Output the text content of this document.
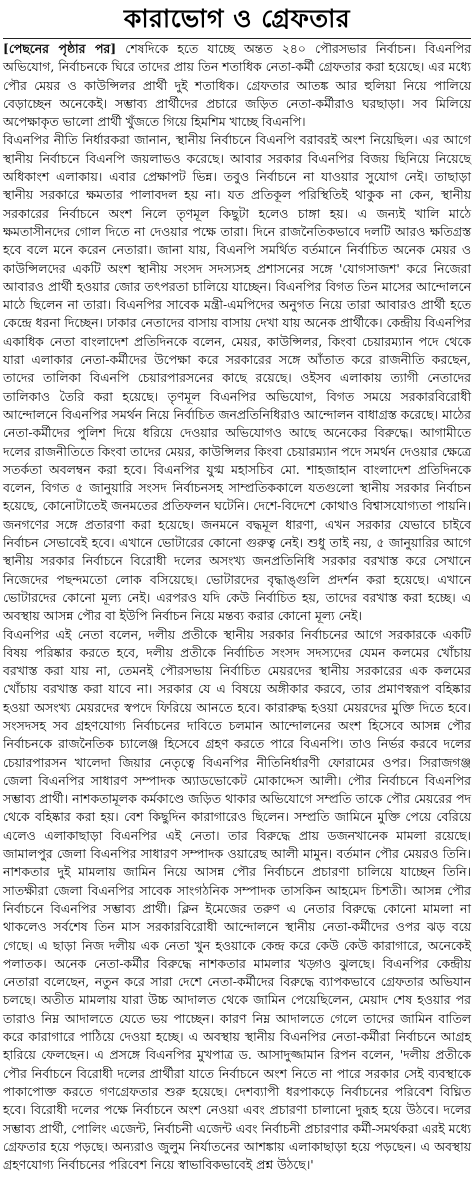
কারাভোগ ও গ্রেফতার

[পেছনের পৃষ্ঠার পর] শেষদিকে হতে যাচ্ছে অন্তত ২৪০ পৌরসভার নির্বাচন। বিএনপির অভিযোগ, নির্বাচনকে ঘিরে তাদের প্রায় তিন শতাধিক নেতা-কর্মী গ্রেফতার করা হয়েছে। এর মধ্যে পৌর মেয়র ও কাউন্সিলর প্রার্থী দুই শতাধিক। গ্রেফতার আতঙ্ক আর হুলিয়া নিয়ে পালিয়ে বেড়াচ্ছেন অনেকেই। সম্ভাব্য প্রার্থীদের প্রচারে জড়িত নেতা-কর্মীরাও ঘরছাড়া। সব মিলিয়ে অপেক্ষাকৃত ভালো প্রার্থী খুঁজতে গিয়ে হিমশিম খাচ্ছে বিএনপি।

বিএনপির নীতি নির্ধারকরা জানান, স্থানীয় নির্বাচনে বিএনপি বরাবরই অংশ নিয়েছিল। এর আগে স্থানীয় নির্বাচনে বিএনপি জয়লাভও করেছে। আবার সরকার বিএনপির বিজয় ছিনিয়ে নিয়েছে অধিকাংশ এলাকায়। এবার প্রেক্ষাপট ভিন্ন। তবুও নির্বাচনে না যাওয়ার সুযোগ নেই। তাছাড়া স্থানীয় সরকারে ক্ষমতার পালাবদল হয় না। যত প্রতিকূল পরিস্থিতিই থাকুক না কেন, স্থানীয় সরকারের নির্বাচনে অংশ নিলে তৃণমূল কিছুটা হলেও চাঙ্গা হয়। এ জন্যই খালি মাঠে ক্ষমতাসীনদের গোল দিতে না দেওয়ার পক্ষে তারা। দিনে রাজনৈতিকভাবে দলটি আরও ক্ষতিগ্রস্ত হবে বলে মনে করেন নেতারা। জানা যায়, বিএনপি সমর্থিত বর্তমানে নির্বাচিত অনেক মেয়র ও কাউন্সিলদের একটি অংশ স্থানীয় সংসদ সদস্যসহ প্রশাসনের সঙ্গে 'যোগসাজশ' করে নিজেরা আবারও প্রার্থী হওয়ার জোর তৎপরতা চালিয়ে যাচ্ছেন। বিএনপির বিগত তিন মাসের আন্দোলনে মাঠে ছিলেন না তারা। বিএনপির সাবেক মন্ত্রী-এমপিদের অনুগত নিয়ে তারা আবারও প্রার্থী হতে কেন্দ্রে ধরনা দিচ্ছেন। ঢাকার নেতাদের বাসায় বাসায় দেখা যায় অনেক প্রার্থীকে। কেন্দ্রীয় বিএনপির একাধিক নেতা বাংলাদেশ প্রতিদিনকে বলেন, মেয়র, কাউন্সিলর, কিংবা চেয়ারম্যান পদে থেকে যারা এলাকার নেতা-কর্মীদের উপেক্ষা করে সরকারের সঙ্গে আঁতাত করে রাজনীতি করছেন, তাদের তালিকা বিএনপি চেয়ারপারসনের কাছে রয়েছে। ওইসব এলাকায় ত্যাগী নেতাদের তালিকাও তৈরি করা হয়েছে। তৃণমূল বিএনপির অভিযোগ, বিগত সময়ে সরকারবিরোধী আন্দোলনে বিএনপির সমর্থন নিয়ে নির্বাচিত জনপ্রতিনিধিরাও আন্দোলন বাধাগ্রস্ত করেছে। মাঠের নেতা-কর্মীদের পুলিশ দিয়ে ধরিয়ে দেওয়ার অভিযোগও আছে অনেকের বিরুদ্ধে। আগামীতে দলের রাজনীতিতে কিংবা তাদের মেয়র, কাউন্সিলর কিংবা চেয়ারম্যান পদে সমর্থন দেওয়ার ক্ষেত্রে সতর্কতা অবলম্বন করা হবে। বিএনপির যুগ্ম মহাসচিব মো. শাহজাহান বাংলাদেশ প্রতিদিনকে বলেন, বিগত ৫ জানুয়ারি সংসদ নির্বাচনসহ সাম্প্রতিককালে যতগুলো স্থানীয় সরকার নির্বাচন হয়েছে, কোনোটাতেই জনমতের প্রতিফলন ঘটেনি। দেশে-বিদেশে কোথাও বিশ্বাসযোগ্যতা পায়নি। জনগণের সঙ্গে প্রতারণা করা হয়েছে। জনমনে বদ্ধমূল ধারণা, এখন সরকার যেভাবে চাইবে নির্বাচন সেভাবেই হবে। এখানে ভোটারের কোনো গুরুত্ব নেই। শুধু তাই নয়, ৫ জানুয়ারির আগে স্থানীয় সরকার নির্বাচনে বিরোধী দলের অসংখ্য জনপ্রতিনিধি সরকার বরখাস্ত করে সেখানে নিজেদের পছন্দমতো লোক বসিয়েছে। ভোটারদের বৃদ্ধাঙ্গুলি প্রদর্শন করা হয়েছে। এখানে ভোটারদের কোনো মূল্য নেই। এরপরও যদি কেউ নির্বাচিত হয়, তাদের বরখাস্ত করা হচ্ছে। এ অবস্থায় আসন্ন পৌর বা ইউপি নির্বাচন নিয়ে মন্তব্য করার কোনো মূল্য নেই।

বিএনপির এই নেতা বলেন, দলীয় প্রতীকে স্থানীয় সরকার নির্বাচনের আগে সরকারকে একটি বিষয় পরিষ্কার করতে হবে, দলীয় প্রতীকে নির্বাচিত সংসদ সদস্যদের যেমন কলমের খোঁচায় বরখাস্ত করা যায় না, তেমনই পৌরসভায় নির্বাচিত মেয়রদের স্থানীয় সরকারের এক কলমের খোঁচায় বরখাস্ত করা যাবে না। সরকার যে এ বিষয়ে অঙ্গীকার করবে, তার প্রমাণস্বরূপ বহিষ্কার হওয়া অসংখ্য মেয়রদের স্বপদে ফিরিয়ে আনতে হবে। কারারুদ্ধ হওয়া মেয়রদের মুক্তি দিতে হবে। সংসদসহ সব গ্রহণযোগ্য নির্বাচনের দাবিতে চলমান আন্দোলনের অংশ হিসেবে আসন্ন পৌর নির্বাচনকে রাজনৈতিক চ্যালেঞ্জ হিসেবে গ্রহণ করতে পারে বিএনপি। তাও নির্ভর করবে দলের চেয়ারপারসন খালেদা জিয়ার নেতৃত্বে বিএনপির নীতিনির্ধারণী ফোরামের ওপর। সিরাজগঞ্জ জেলা বিএনপির সাধারণ সম্পাদক অ্যাডভোকেট মোকাদ্দেস আলী। পৌর নির্বাচনে বিএনপির সম্ভাব্য প্রার্থী। নাশকতামূলক কর্মকাণ্ডে জড়িত থাকার অভিযোগে সম্প্রতি তাকে পৌর মেয়রের পদ থেকে বহিষ্কার করা হয়। বেশ কিছুদিন কারাগারেও ছিলেন। সম্প্রতি জামিনে মুক্তি পেয়ে বেরিয়ে এলেও এলাকাছাড়া বিএনপির এই নেতা। তার বিরুদ্ধে প্রায় ডজনখানেক মামলা রয়েছে। জামালপুর জেলা বিএনপির সাধারণ সম্পাদক ওয়ারেছ আলী মামুন। বর্তমান পৌর মেয়রও তিনি। নাশকতার দুই মামলায় জামিন নিয়ে আসন্ন পৌর নির্বাচনে প্রচারণা চালিয়ে যাচ্ছেন তিনি। সাতক্ষীরা জেলা বিএনপির সাবেক সাংগঠনিক সম্পাদক তাসকিন আহমেদ চিশতী। আসন্ন পৌর নির্বাচনে বিএনপির সম্ভাব্য প্রার্থী। ক্লিন ইমেজের তরুণ এ নেতার বিরুদ্ধে কোনো মামলা না থাকলেও সর্বশেষ তিন মাস সরকারবিরোধী আন্দোলনে স্থানীয় নেতা-কর্মীদের ওপর ঝড় বয়ে গেছে। এ ছাড়া নিজ দলীয় এক নেতা খুন হওয়াকে কেন্দ্র করে কেউ কেউ কারাগারে, অনেকেই পলাতক। অনেক নেতা-কর্মীর বিরুদ্ধে নাশকতার মামলার খড়্গও ঝুলছে। বিএনপির কেন্দ্রীয় নেতারা বলেছেন, নতুন করে সারা দেশে নেতা-কর্মীদের বিরুদ্ধে ব্যাপকভাবে গ্রেফতার অভিযান চলছে। অতীত মামলায় যারা উচ্চ আদালত থেকে জামিন পেয়েছিলেন, মেয়াদ শেষ হওয়ার পর তারাও নিম্ন আদালতে যেতে ভয় পাচ্ছেন। কারণ নিম্ন আদালতে গেলে তাদের জামিন বাতিল করে কারাগারে পাঠিয়ে দেওয়া হচ্ছে। এ অবস্থায় স্থানীয় বিএনপির নেতা-কর্মীরা নির্বাচনে আগ্রহ হারিয়ে ফেলছেন। এ প্রসঙ্গে বিএনপির মুখপাত্র ড. আসাদুজ্জামান রিপন বলেন, 'দলীয় প্রতীকে পৌর নির্বাচনে বিরোধী দলের প্রার্থীরা যাতে নির্বাচনে অংশ নিতে না পারে সরকার সেই ব্যবস্থাকে পাকাপোক্ত করতে গণগ্রেফতার শুরু হয়েছে। দেশব্যাপী ধরপাকড়ে নির্বাচনের পরিবেশ বিঘ্নিত হবে। বিরোধী দলের পক্ষে নির্বাচনে অংশ নেওয়া এবং প্রচারণা চালানো দুরূহ হয়ে উঠবে। দলের সম্ভাব্য প্রার্থী, পোলিং এজেন্ট, নির্বাচনী এজেন্ট এবং নির্বাচনী প্রচারণার কর্মী-সমর্থকরা এরই মধ্যে গ্রেফতার হয়ে পড়ছে। অন্যরাও জুলুম নির্যাতনের আশঙ্কায় এলাকাছাড়া হয়ে পড়ছেন। এ অবস্থায় গ্রহণযোগ্য নির্বাচনের পরিবেশ নিয়ে স্বাভাবিকভাবেই প্রশ্ন উঠছে।'
